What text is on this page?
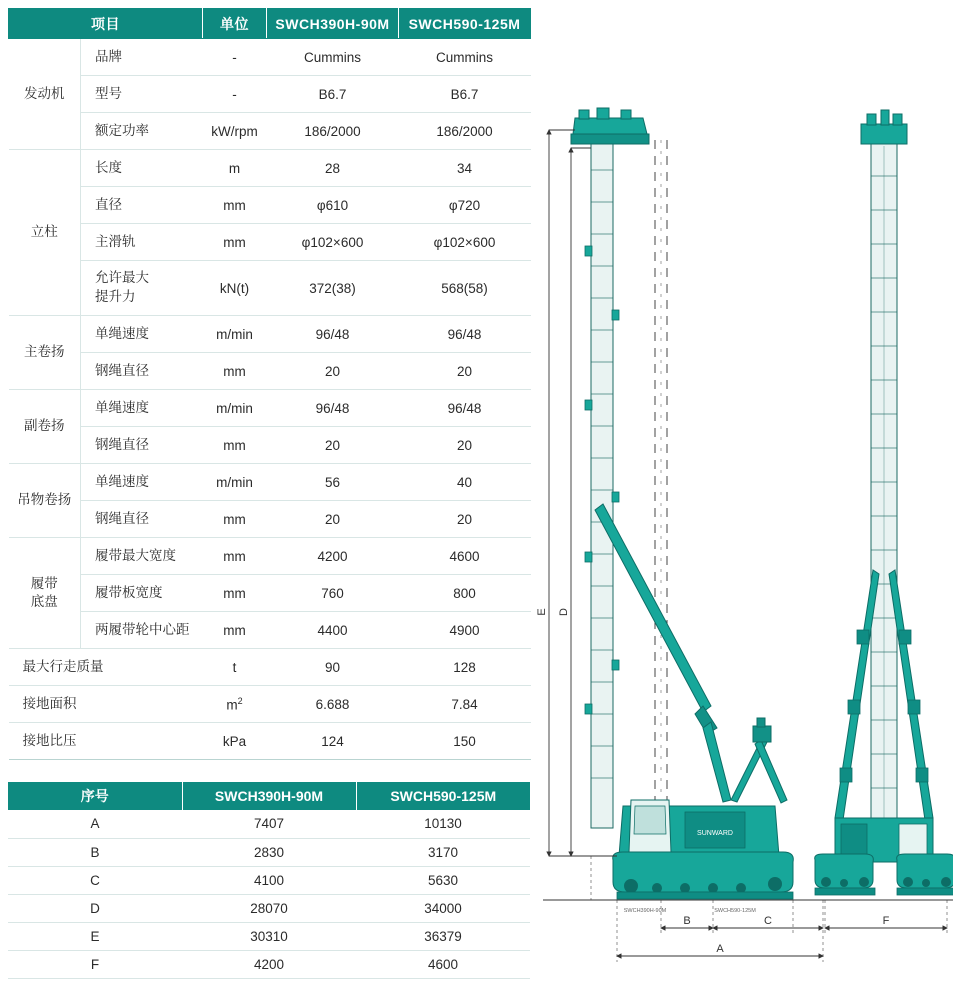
项目		单位	SWCH390H-90M	SWCH590-125M
发动机	品牌	-	Cummins	Cummins
	型号	-	B6.7	B6.7
	额定功率	kW/rpm	186/2000	186/2000
立柱	长度	m	28	34
	直径	mm	φ610	φ720
	主滑轨	mm	φ102×600	φ102×600
	允许最大
提升力	kN(t)	372(38)	568(58)
主卷扬	单绳速度	m/min	96/48	96/48
	钢绳直径	mm	20	20
副卷扬	单绳速度	m/min	96/48	96/48
	钢绳直径	mm	20	20
吊物卷扬	单绳速度	m/min	56	40
	钢绳直径	mm	20	20
履带
底盘	履带最大宽度	mm	4200	4600
	履带板宽度	mm	760	800
	两履带轮中心距	mm	4400	4900
最大行走质量		t	90	128
接地面积		$m^2$	6.688	7.84
接地比压		kPa	124	150
序号	SWCH390H-90M	SWCH590-125M
A	7407	10130
B	2830	3170
C	4100	5630
D	28070	34000
E	30310	36379
F	4200	4600
SUNWARD
SWCH390H-90M	SWCH590-125M
E D
B	C
A
F
